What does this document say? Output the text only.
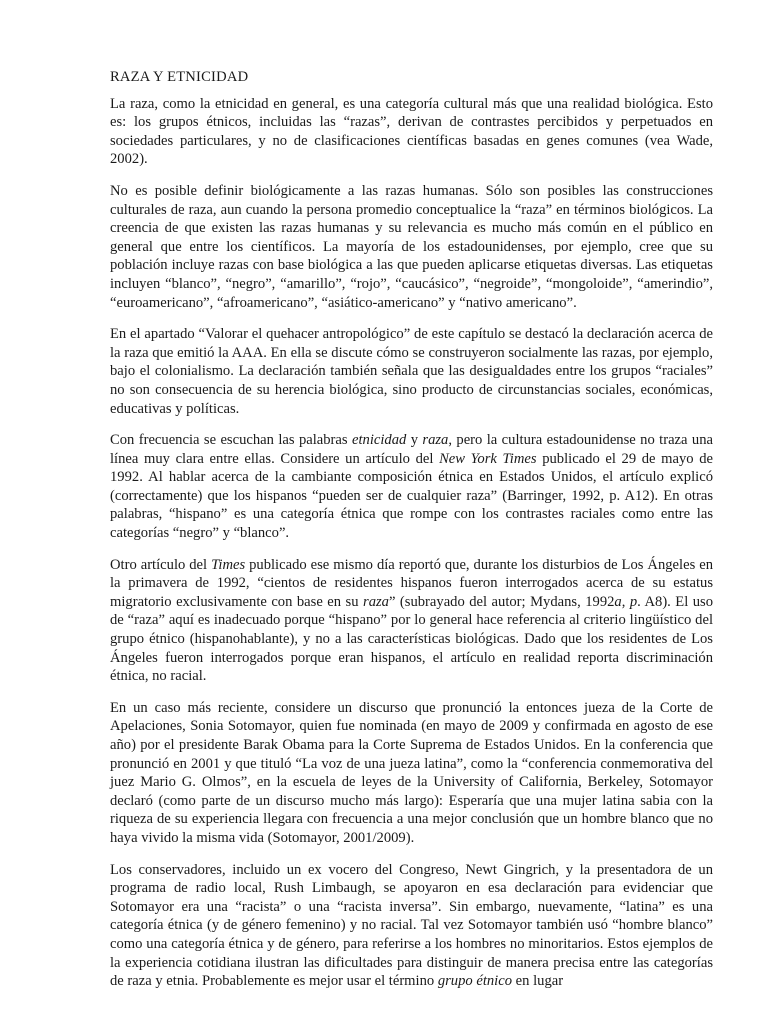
RAZA Y ETNICIDAD

La raza, como la etnicidad en general, es una categoría cultural más que una realidad biológica. Esto es: los grupos étnicos, incluidas las “razas”, derivan de contrastes percibidos y perpetuados en sociedades particulares, y no de clasificaciones científicas basadas en genes comunes (vea Wade, 2002).

No es posible definir biológicamente a las razas humanas. Sólo son posibles las construcciones culturales de raza, aun cuando la persona promedio conceptualice la “raza” en términos biológicos. La creencia de que existen las razas humanas y su relevancia es mucho más común en el público en general que entre los científicos. La mayoría de los estadounidenses, por ejemplo, cree que su población incluye razas con base biológica a las que pueden aplicarse etiquetas diversas. Las etiquetas incluyen “blanco”, “negro”, “amarillo”, “rojo”, “caucásico”, “negroide”, “mongoloide”, “amerindio”, “euroamericano”, “afroamericano”, “asiático-americano” y “nativo americano”.

En el apartado “Valorar el quehacer antropológico” de este capítulo se destacó la declaración acerca de la raza que emitió la AAA. En ella se discute cómo se construyeron socialmente las razas, por ejemplo, bajo el colonialismo. La declaración también señala que las desigualdades entre los grupos “raciales” no son consecuencia de su herencia biológica, sino producto de circunstancias sociales, económicas, educativas y políticas.

Con frecuencia se escuchan las palabras etnicidad y raza, pero la cultura estadounidense no traza una línea muy clara entre ellas. Considere un artículo del New York Times publicado el 29 de mayo de 1992. Al hablar acerca de la cambiante composición étnica en Estados Unidos, el artículo explicó (correctamente) que los hispanos “pueden ser de cualquier raza” (Barringer, 1992, p. A12). En otras palabras, “hispano” es una categoría étnica que rompe con los contrastes raciales como entre las categorías “negro” y “blanco”.

Otro artículo del Times publicado ese mismo día reportó que, durante los disturbios de Los Ángeles en la primavera de 1992, “cientos de residentes hispanos fueron interrogados acerca de su estatus migratorio exclusivamente con base en su raza” (subrayado del autor; Mydans, 1992a, p. A8). El uso de “raza” aquí es inadecuado porque “hispano” por lo general hace referencia al criterio lingüístico del grupo étnico (hispanohablante), y no a las características biológicas. Dado que los residentes de Los Ángeles fueron interrogados porque eran hispanos, el artículo en realidad reporta discriminación étnica, no racial.

En un caso más reciente, considere un discurso que pronunció la entonces jueza de la Corte de Apelaciones, Sonia Sotomayor, quien fue nominada (en mayo de 2009 y confirmada en agosto de ese año) por el presidente Barak Obama para la Corte Suprema de Estados Unidos. En la conferencia que pronunció en 2001 y que tituló “La voz de una jueza latina”, como la “conferencia conmemorativa del juez Mario G. Olmos”, en la escuela de leyes de la University of California, Berkeley, Sotomayor declaró (como parte de un discurso mucho más largo): Esperaría que una mujer latina sabia con la riqueza de su experiencia llegara con frecuencia a una mejor conclusión que un hombre blanco que no haya vivido la misma vida (Sotomayor, 2001/2009).

Los conservadores, incluido un ex vocero del Congreso, Newt Gingrich, y la presentadora de un programa de radio local, Rush Limbaugh, se apoyaron en esa declaración para evidenciar que Sotomayor era una “racista” o una “racista inversa”. Sin embargo, nuevamente, “latina” es una categoría étnica (y de género femenino) y no racial. Tal vez Sotomayor también usó “hombre blanco” como una categoría étnica y de género, para referirse a los hombres no minoritarios. Estos ejemplos de la experiencia cotidiana ilustran las dificultades para distinguir de manera precisa entre las categorías de raza y etnia. Probablemente es mejor usar el término grupo étnico en lugar
